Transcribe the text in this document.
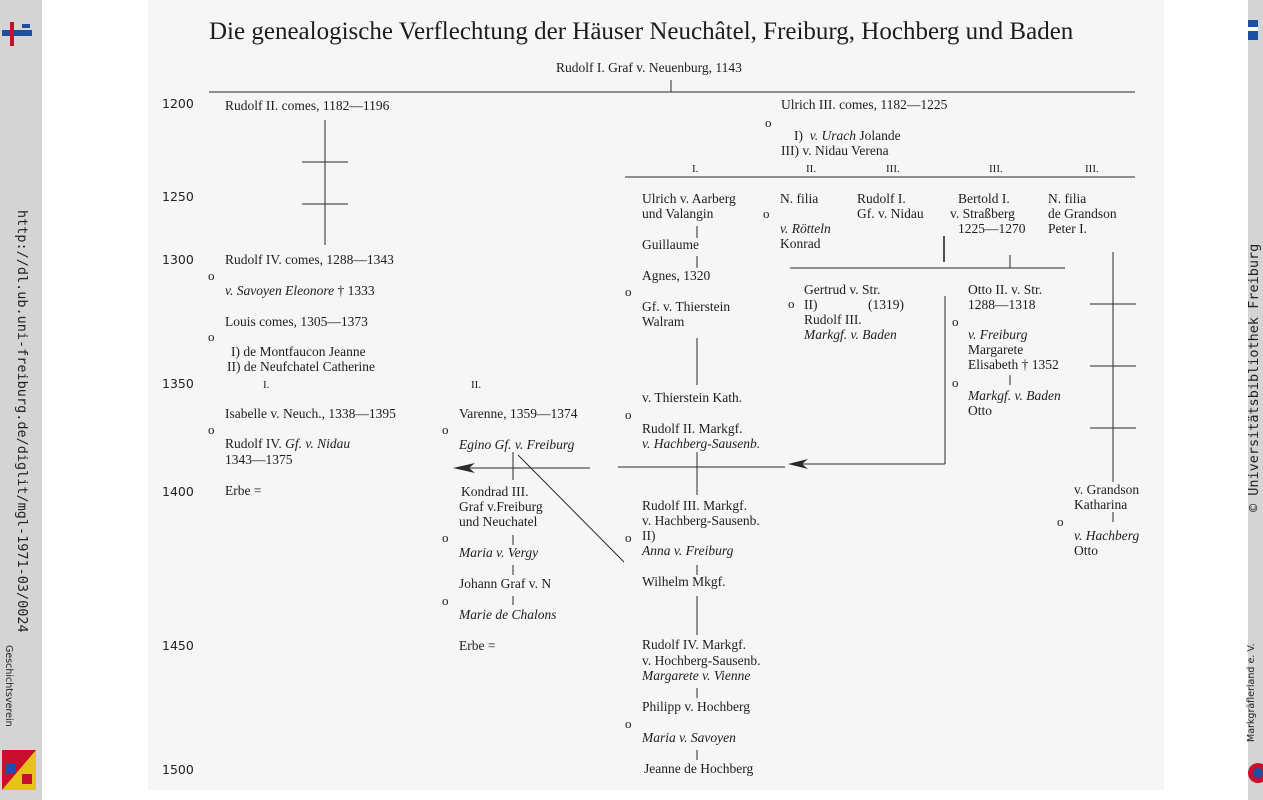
http://dl.ub.uni-freiburg.de/diglit/mgl-1971-03/0024
Geschichtsverein
© Universitätsbibliothek Freiburg
Markgräflerland e. V.
Die genealogische Verflechtung der Häuser Neuchâtel, Freiburg, Hochberg und Baden
Rudolf I. Graf v. Neuenburg, 1143
1200
1250
1300
1350
1400
1450
1500
o
o
o
o	o
o
o
o
o
o
o
o
o
o
o
o
I.	II.	III.	III.	III.
I.	II.
Rudolf II. comes, 1182—1196
Rudolf IV. comes, 1288—1343
v. Savoyen Eleonore † 1333
Louis comes, 1305—1373
I) de Montfaucon Jeanne
II) de Neufchatel Catherine
Isabelle v. Neuch., 1338—1395
Rudolf IV. Gf. v. Nidau
1343—1375
Erbe =
Varenne, 1359—1374
Egino Gf. v. Freiburg
Kondrad III.
Graf v.Freiburg
und Neuchatel
Maria v. Vergy
Johann Graf v. N
Marie de Chalons
Erbe =
Ulrich III. comes, 1182—1225
I) v. Urach Jolande
III) v. Nidau Verena
Ulrich v. Aarberg
und Valangin
Guillaume
Agnes, 1320
Gf. v. Thierstein
Walram
v. Thierstein Kath.
Rudolf II. Markgf.
v. Hachberg-Sausenb.
Rudolf III. Markgf.
v. Hachberg-Sausenb.
II)
Anna v. Freiburg
Wilhelm Mkgf.
Rudolf IV. Markgf.
v. Hochberg-Sausenb.
Margarete v. Vienne
Philipp v. Hochberg
Maria v. Savoyen
Jeanne de Hochberg
N. filia
v. Rötteln
Konrad
Rudolf I.
Gf. v. Nidau
Bertold I.
v. Straßberg
1225—1270
N. filia
de Grandson
Peter I.
Gertrud v. Str.
II)	(1319)
Rudolf III.
Markgf. v. Baden
Otto II. v. Str.
1288—1318
v. Freiburg
Margarete
Elisabeth † 1352
Markgf. v. Baden
Otto
v. Grandson
Katharina
v. Hachberg
Otto
